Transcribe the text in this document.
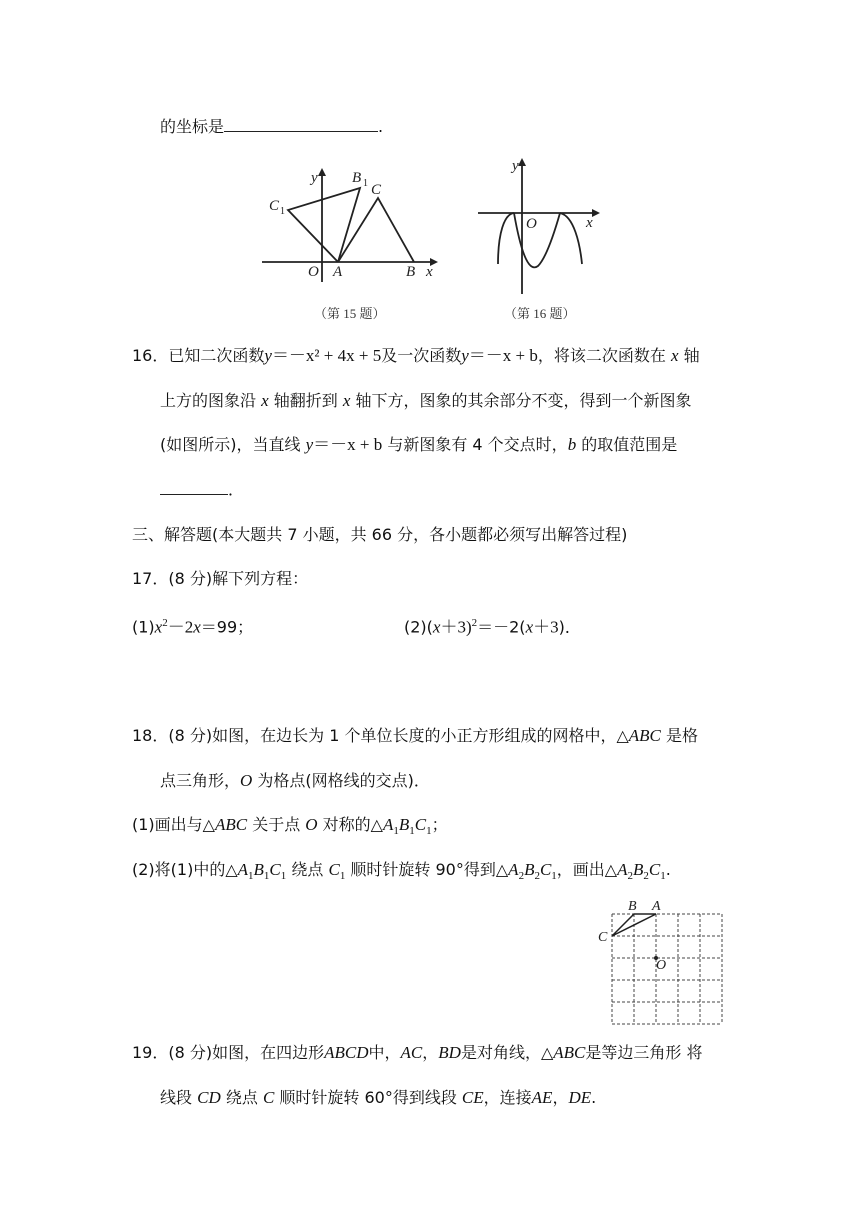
的坐标是	.
y
x
O A	B
C
C 1
B 1
（第 15 题）
y
x
O
（第 16 题）
16．已知二次函数y＝－x² + 4x + 5及一次函数y＝－x + b，将该二次函数在 x 轴
上方的图象沿 x 轴翻折到 x 轴下方，图象的其余部分不变，得到一个新图象
(如图所示)，当直线 y＝－x + b 与新图象有 4 个交点时，b 的取值范围是
．
三、解答题(本大题共 7 小题，共 66 分，各小题都必须写出解答过程)
17．(8 分)解下列方程：
$(1)x^2-2x=99$；	$(2)(x+3)^2=-2(x+3)$．
18．(8 分)如图，在边长为 1 个单位长度的小正方形组成的网格中，△ABC 是格
点三角形，O 为格点(网格线的交点)．
(1)画出与△ABC 关于点 O 对称的$\triangle A_1B_1C_1$；
(2)将(1)中的$\triangle A_1B_1C_1$ 绕点 $C_1$ 顺时针旋转 90°得到$\triangle A_2B_2C_1$，画出$\triangle A_2B_2C_1$.
B A
C
O
19．(8 分)如图，在四边形ABCD中，AC，BD是对角线，△ABC是等边三角形 将
线段 CD 绕点 C 顺时针旋转 60°得到线段 CE，连接AE，DE.
